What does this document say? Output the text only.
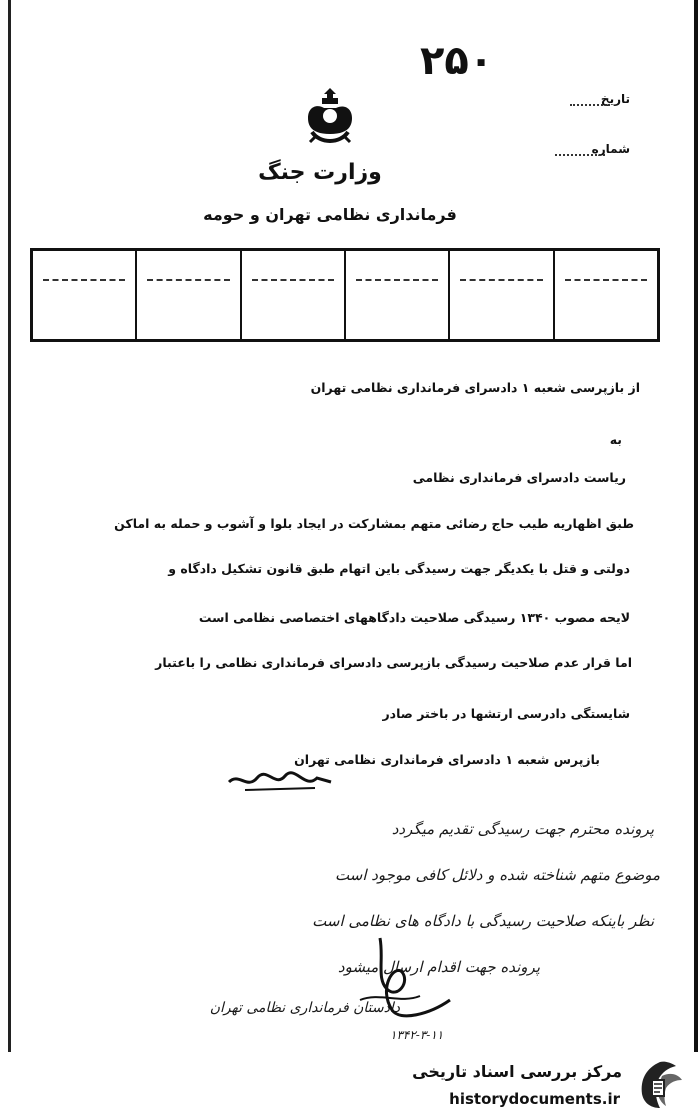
۲۵۰
تاریخ
شماره
وزارت جنگ
فرمانداری نظامی تهران و حومه
از بازپرسی شعبه ۱ دادسرای فرمانداری نظامی تهران
به
ریاست دادسرای فرمانداری نظامی
طبق اظهاریه طیب حاج رضائی متهم بمشارکت در ایجاد بلوا و آشوب و حمله به اماکن
دولتی و قتل با یکدیگر جهت رسیدگی باین اتهام طبق قانون تشکیل دادگاه و
لایحه مصوب ۱۳۴۰ رسیدگی صلاحیت دادگاههای اختصاصی نظامی است
اما قرار عدم صلاحیت رسیدگی بازپرسی دادسرای فرمانداری نظامی را باعتبار
شایستگی دادرسی ارتشها در باختر صادر
بازپرس شعبه ۱ دادسرای فرمانداری نظامی تهران
پرونده محترم جهت رسیدگی تقدیم میگردد
موضوع متهم شناخته شده و دلائل کافی موجود است
نظر باینکه صلاحیت رسیدگی با دادگاه های نظامی است
پرونده جهت اقدام ارسال میشود
دادستان فرمانداری نظامی تهران
۱۳۴۲-۳-۱۱
مرکز بررسی اسناد تاریخی
historydocuments.ir
